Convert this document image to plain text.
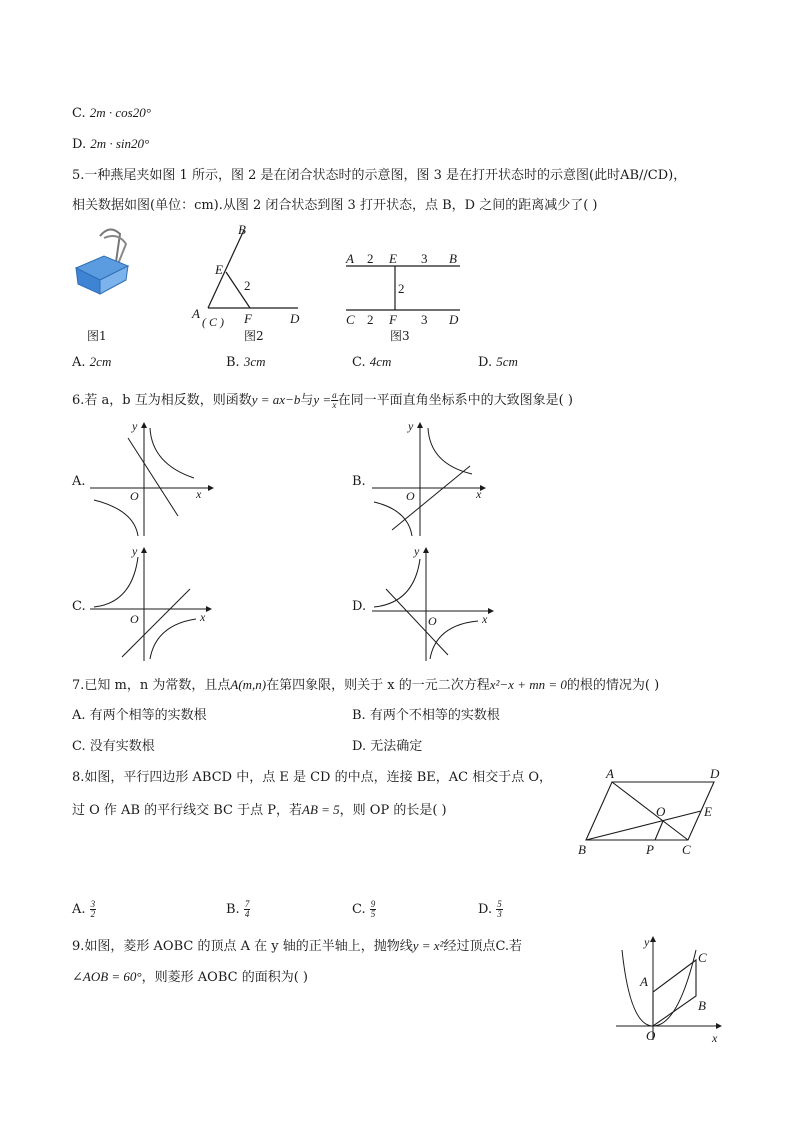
C. 2m · cos20°
D. 2m · sin20°
5.一种燕尾夹如图 1 所示，图 2 是在闭合状态时的示意图，图 3 是在打开状态时的示意图(此时AB//CD)，
相关数据如图(单位：cm).从图 2 闭合状态到图 3 打开状态，点 B，D 之间的距离减少了( )
图1
B
E
2
A
( C ) F	D
图2
A 2 E 3 B
2
C 2 F 3 D
图3
A. 2cm	B. 3cm	C. 4cm	D. 5cm
6.若 a，b 互为相反数，则函数y = ax−b与$y = \frac{a}{x}$ 在同一平面直角坐标系中的大致图象是( )
A.
x
y
O
B.
x
y
O
C.
x
y
O
D.
x
y
O
7.已知 m，n 为常数，且点A(m,n)在第四象限，则关于 x 的一元二次方程x²−x + mn = 0的根的情况为( )
A. 有两个相等的实数根	B. 有两个不相等的实数根
C. 没有实数根	D. 无法确定
8.如图，平行四边形 ABCD 中，点 E 是 CD 的中点，连接 BE，AC 相交于点 O，
过 O 作 AB 的平行线交 BC 于点 P，若AB = 5，则 OP 的长是( )
A	D
O	E
B	P C
A. $\frac{3}{2}$	B. $\frac{7}{4}$	C. $\frac{9}{5}$	D. $\frac{5}{3}$
9.如图，菱形 AOBC 的顶点 A 在 y 轴的正半轴上，抛物线y = x²经过顶点C.若
∠AOB = 60°，则菱形 AOBC 的面积为( )
y
C
A
B
O	x
